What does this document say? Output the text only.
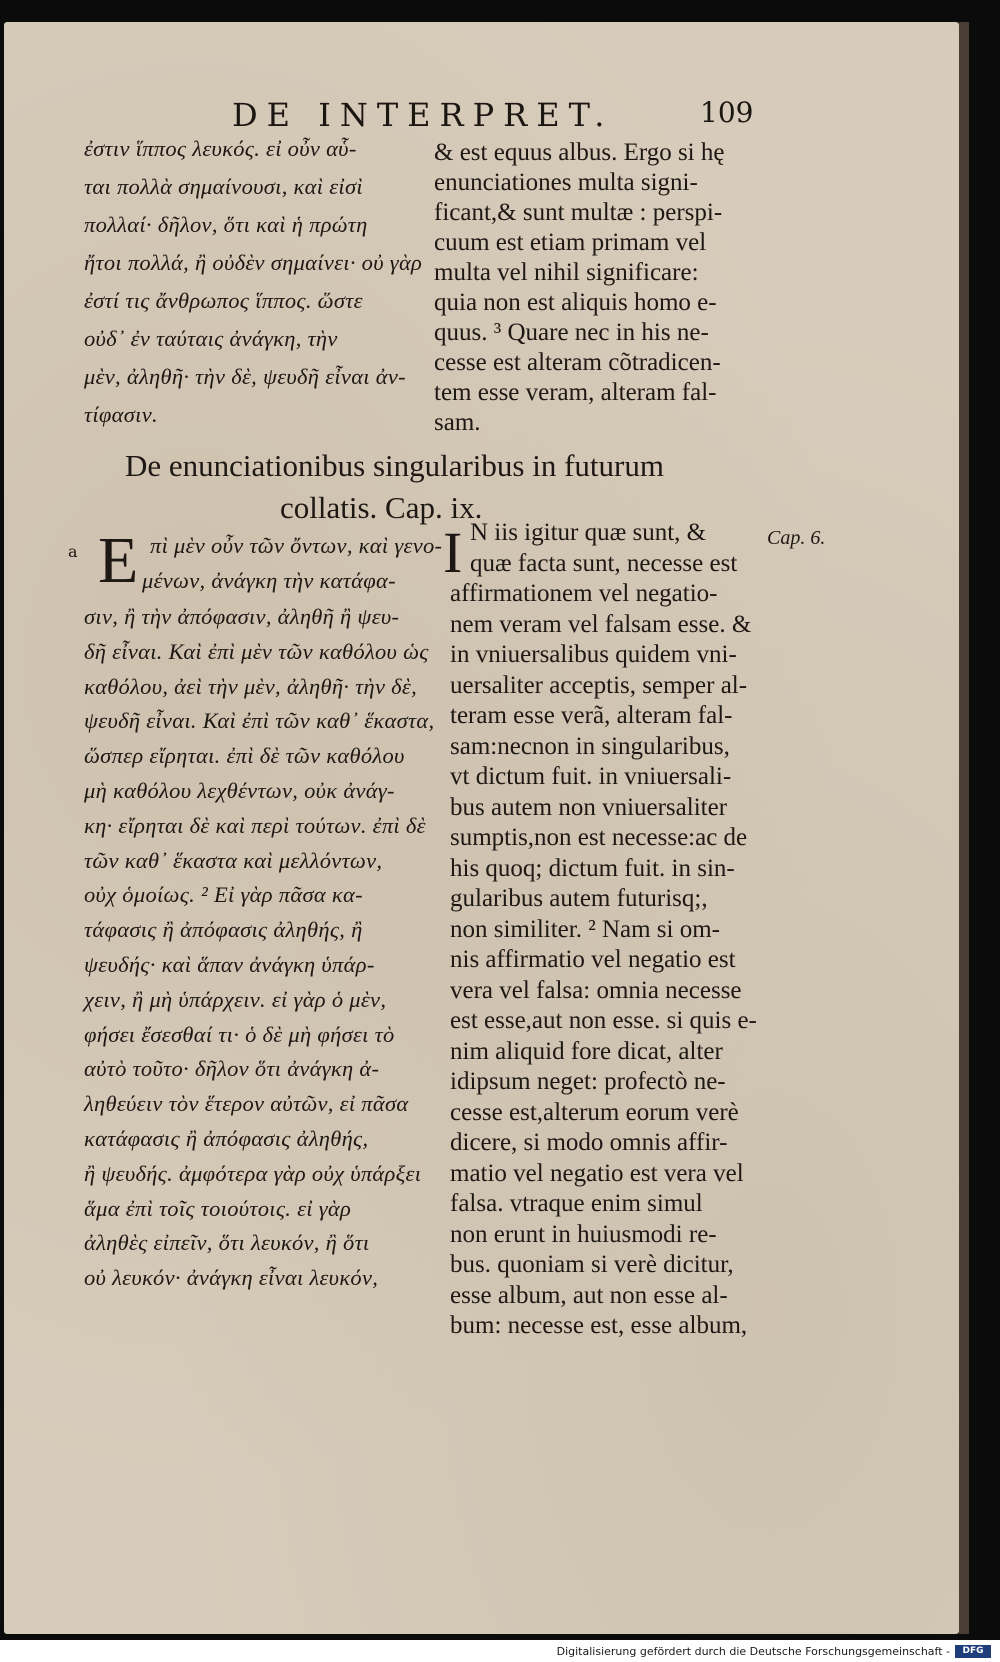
DE INTERPRET.	109
ἐστιν ἵππος λευκός. εἰ οὖν αὗ-
ται πολλὰ σημαίνουσι, καὶ εἰσὶ
πολλαί· δῆλον, ὅτι καὶ ἡ πρώτη
ἤτοι πολλά, ἢ οὐδὲν σημαίνει· οὐ γὰρ
ἐστί τις ἄνθρωπος ἵππος. ὥστε
οὐδ᾽ ἐν ταύταις ἀνάγκη, τὴν
μὲν, ἀληθῆ· τὴν δὲ, ψευδῆ εἶναι ἀν-
τίφασιν.
& est equus albus. Ergo si hę
enunciationes multa signi-
ficant,& sunt multæ : perspi-
cuum est etiam primam vel
multa vel nihil significare:
quia non est aliquis homo e-
quus. ³ Quare nec in his ne-
cesse est alteram cõtradicen-
tem esse veram, alteram fal-
sam.
De enunciationibus singularibus in futurum
collatis. Cap. ix.
a
Cap. 6.
E πὶ μὲν οὖν τῶν ὄντων, καὶ γενο-
μένων, ἀνάγκη τὴν κατάφα-
σιν, ἢ τὴν ἀπόφασιν, ἀληθῆ ἢ ψευ-
δῆ εἶναι. Καὶ ἐπὶ μὲν τῶν καθόλου ὡς
καθόλου, ἀεὶ τὴν μὲν, ἀληθῆ· τὴν δὲ,
ψευδῆ εἶναι. Καὶ ἐπὶ τῶν καθ᾽ ἕκαστα,
ὥσπερ εἴρηται. ἐπὶ δὲ τῶν καθόλου
μὴ καθόλου λεχθέντων, οὐκ ἀνάγ-
κη· εἴρηται δὲ καὶ περὶ τούτων. ἐπὶ δὲ
τῶν καθ᾽ ἕκαστα καὶ μελλόντων,
οὐχ ὁμοίως. ² Εἰ γὰρ πᾶσα κα-
τάφασις ἢ ἀπόφασις ἀληθής, ἢ
ψευδής· καὶ ἅπαν ἀνάγκη ὑπάρ-
χειν, ἢ μὴ ὑπάρχειν. εἰ γὰρ ὁ μὲν,
φήσει ἔσεσθαί τι· ὁ δὲ μὴ φήσει τὸ
αὐτὸ τοῦτο· δῆλον ὅτι ἀνάγκη ἀ-
ληθεύειν τὸν ἕτερον αὐτῶν, εἰ πᾶσα
κατάφασις ἢ ἀπόφασις ἀληθής,
ἢ ψευδής. ἀμφότερα γὰρ οὐχ ὑπάρξει
ἅμα ἐπὶ τοῖς τοιούτοις. εἰ γὰρ
ἀληθὲς εἰπεῖν, ὅτι λευκόν, ἢ ὅτι
οὐ λευκόν· ἀνάγκη εἶναι λευκόν,
I N iis igitur quæ sunt, &
quæ facta sunt, necesse est
affirmationem vel negatio-
nem veram vel falsam esse. &
in vniuersalibus quidem vni-
uersaliter acceptis, semper al-
teram esse verã, alteram fal-
sam:necnon in singularibus,
vt dictum fuit. in vniuersali-
bus autem non vniuersaliter
sumptis,non est necesse:ac de
his quoq; dictum fuit. in sin-
gularibus autem futurisq;,
non similiter. ² Nam si om-
nis affirmatio vel negatio est
vera vel falsa: omnia necesse
est esse,aut non esse. si quis e-
nim aliquid fore dicat, alter
idipsum neget: profectò ne-
cesse est,alterum eorum verè
dicere, si modo omnis affir-
matio vel negatio est vera vel
falsa. vtraque enim simul
non erunt in huiusmodi re-
bus. quoniam si verè dicitur,
esse album, aut non esse al-
bum: necesse est, esse album,
Digitalisierung gefördert durch die Deutsche Forschungsgemeinschaft -	DFG
